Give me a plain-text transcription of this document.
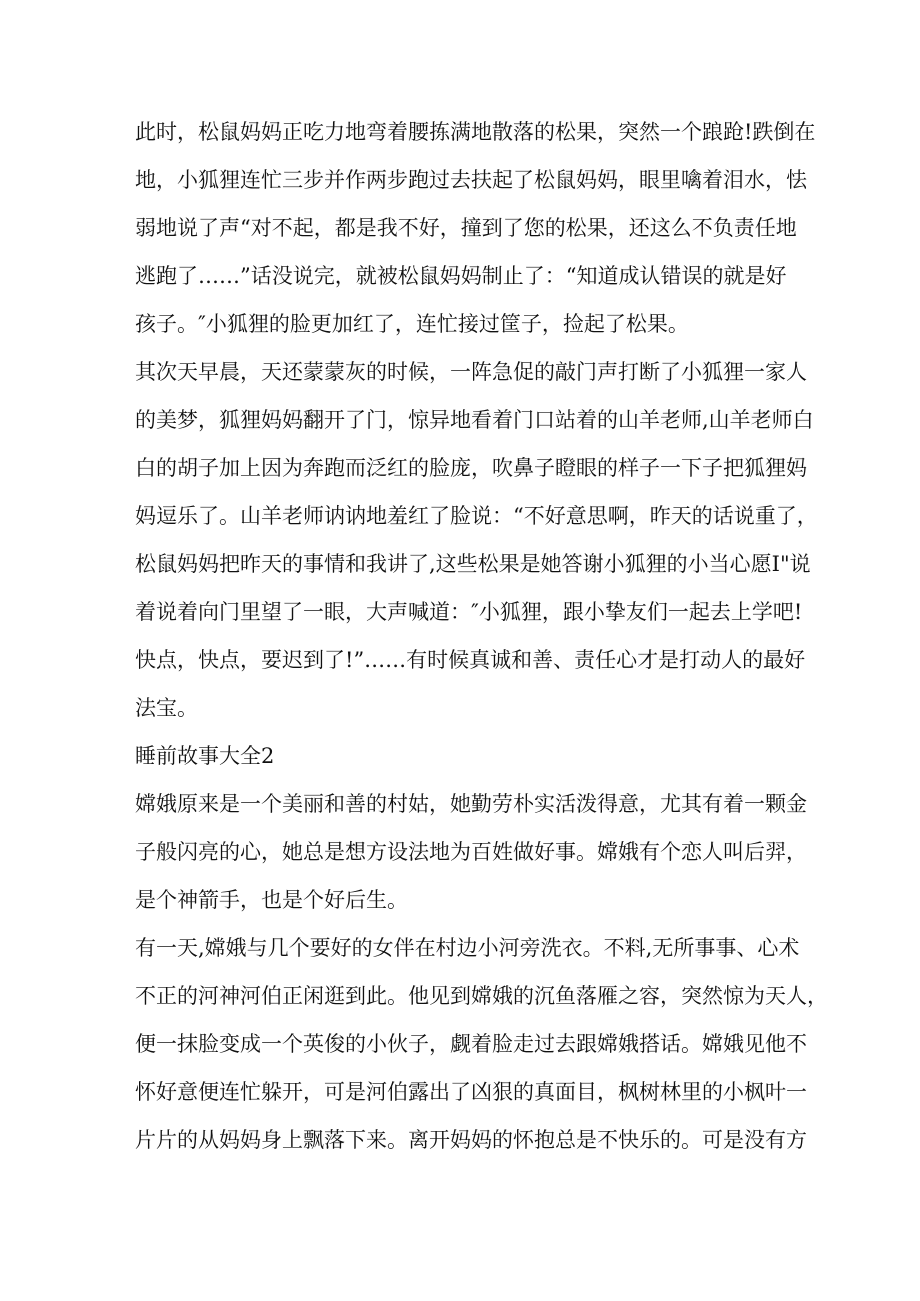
此时，松鼠妈妈正吃力地弯着腰拣满地散落的松果，突然一个踉跄!跌倒在

地，小狐狸连忙三步并作两步跑过去扶起了松鼠妈妈，眼里噙着泪水，怯

弱地说了声“对不起，都是我不好，撞到了您的松果，还这么不负责任地

逃跑了……”话没说完，就被松鼠妈妈制止了：“知道成认错误的就是好

孩子。″小狐狸的脸更加红了，连忙接过筐子，捡起了松果。

其次天早晨，天还蒙蒙灰的时候，一阵急促的敲门声打断了小狐狸一家人

的美梦，狐狸妈妈翻开了门，惊异地看着门口站着的山羊老师,山羊老师白

白的胡子加上因为奔跑而泛红的脸庞，吹鼻子瞪眼的样子一下子把狐狸妈

妈逗乐了。山羊老师讷讷地羞红了脸说：“不好意思啊，昨天的话说重了，

松鼠妈妈把昨天的事情和我讲了,这些松果是她答谢小狐狸的小当心愿I"说

着说着向门里望了一眼，大声喊道：″小狐狸，跟小挚友们一起去上学吧!

快点，快点，要迟到了!”……有时候真诚和善、责任心才是打动人的最好

法宝。

睡前故事大全2

嫦娥原来是一个美丽和善的村姑，她勤劳朴实活泼得意，尤其有着一颗金

子般闪亮的心，她总是想方设法地为百姓做好事。嫦娥有个恋人叫后羿，

是个神箭手，也是个好后生。

有一天,嫦娥与几个要好的女伴在村边小河旁洗衣。不料,无所事事、心术

不正的河神河伯正闲逛到此。他见到嫦娥的沉鱼落雁之容，突然惊为天人，

便一抹脸变成一个英俊的小伙子，觑着脸走过去跟嫦娥搭话。嫦娥见他不

怀好意便连忙躲开，可是河伯露出了凶狠的真面目，枫树林里的小枫叶一

片片的从妈妈身上飘落下来。离开妈妈的怀抱总是不快乐的。可是没有方
